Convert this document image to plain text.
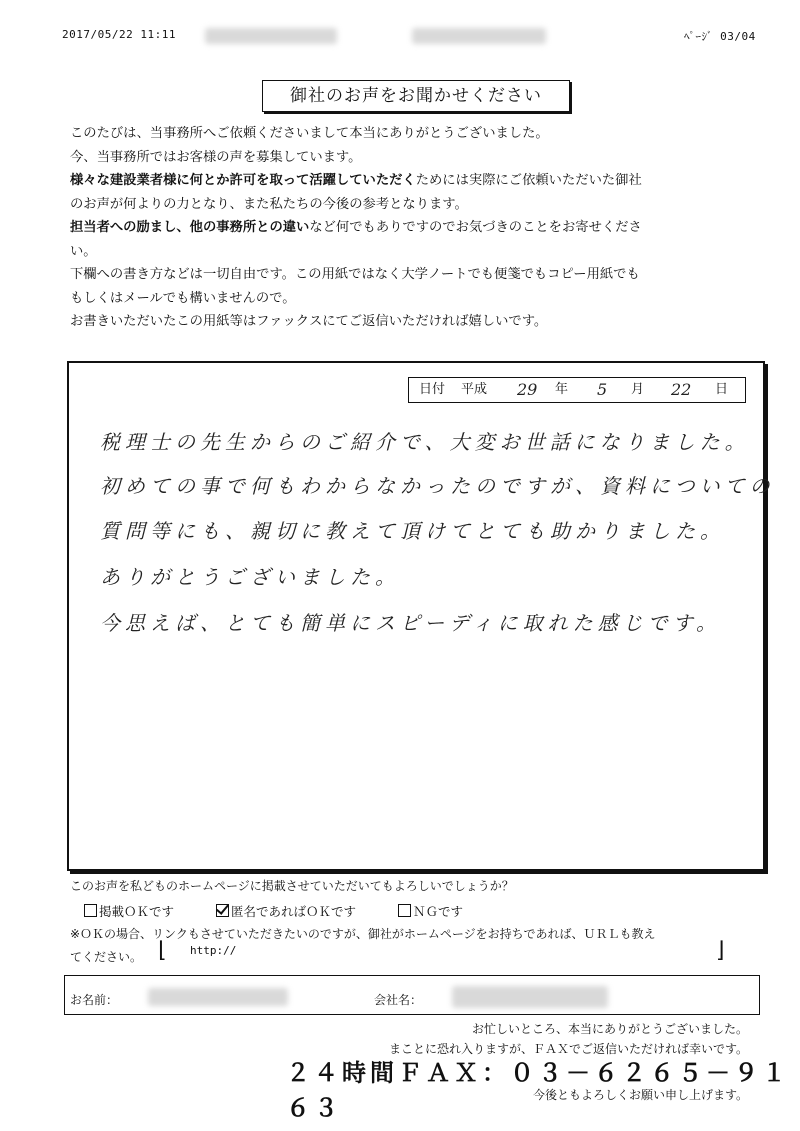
2017/05/22 11:11	ﾍﾟｰｼﾞ 03/04
御社のお声をお聞かせください

このたびは、当事務所へご依頼くださいまして本当にありがとうございました。

今、当事務所ではお客様の声を募集しています。

様々な建設業者様に何とか許可を取って活躍していただくためには実際にご依頼いただいた御社

のお声が何よりの力となり、また私たちの今後の参考となります。

担当者への励まし、他の事務所との違いなど何でもありですのでお気づきのことをお寄せくださ

い。

下欄への書き方などは一切自由です。この用紙ではなく大学ノートでも便箋でもコピー用紙でも

もしくはメールでも構いませんので。

お書きいただいたこの用紙等はファックスにてご返信いただければ嬉しいです。

日付 平成 29 年 5 月 22 日
税理士の先生からのご紹介で、大変お世話になりました。
初めての事で何もわからなかったのですが、資料についての
質問等にも、親切に教えて頂けてとても助かりました。
ありがとうございました。
今思えば、とても簡単にスピーディに取れた感じです。
このお声を私どものホームページに掲載させていただいてもよろしいでしょうか？
掲載ＯＫです	匿名であればＯＫです	ＮＧです
※ＯＫの場合、リンクもさせていただきたいのですが、御社がホームページをお持ちであれば、ＵＲＬも教え
てください。 ⌊ http://	⌋
お名前：	会社名：
お忙しいところ、本当にありがとうございました。
まことに恐れ入りますが、ＦＡＸでご返信いただければ幸いです。
２４時間ＦＡＸ：０３－６２６５－９１６３	今後ともよろしくお願い申し上げます。
